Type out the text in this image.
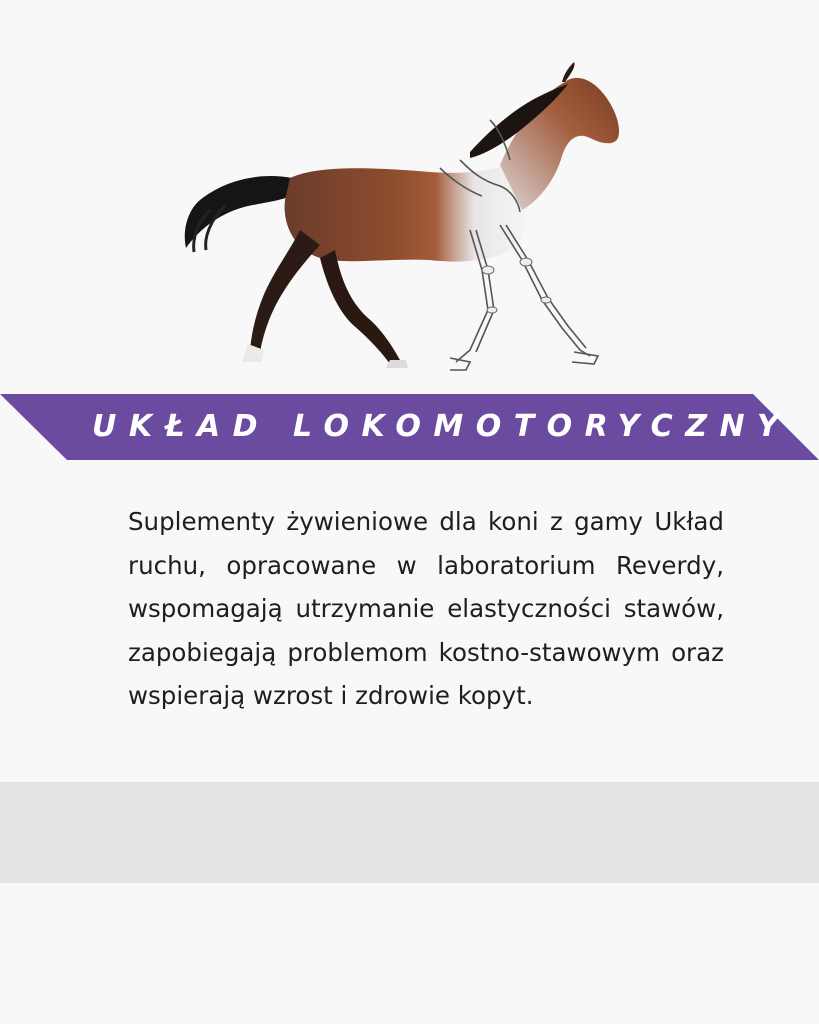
UKŁAD LOKOMOTORYCZNY

Suplementy żywieniowe dla koni z gamy Układ ruchu, opracowane w laboratorium Reverdy, wspomagają utrzymanie elastyczności stawów, zapobiegają problemom kostno-stawowym oraz wspierają wzrost i zdrowie kopyt.
